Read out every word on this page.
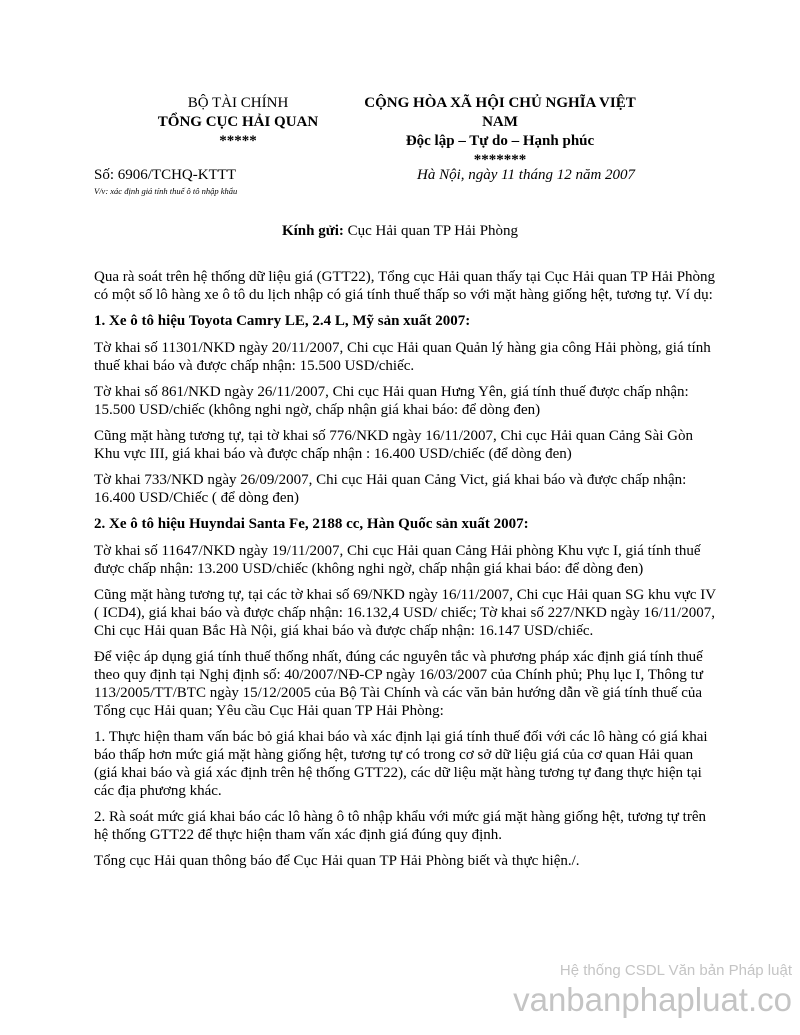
BỘ TÀI CHÍNH
TỔNG CỤC HẢI QUAN
*****
CỘNG HÒA XÃ HỘI CHỦ NGHĨA VIỆT
NAM
Độc lập – Tự do – Hạnh phúc
*******
Số: 6906/TCHQ-KTTT
V/v: xác định giá tính thuế ô tô nhập khẩu
Hà Nội, ngày 11 tháng 12 năm 2007
Kính gửi: Cục Hải quan TP Hải Phòng

Qua rà soát trên hệ thống dữ liệu giá (GTT22), Tổng cục Hải quan thấy tại Cục Hải quan TP Hải Phòng có một số lô hàng xe ô tô du lịch nhập có giá tính thuế thấp so với mặt hàng giống hệt, tương tự. Ví dụ:

1. Xe ô tô hiệu Toyota Camry LE, 2.4 L, Mỹ sản xuất 2007:

Tờ khai số 11301/NKD ngày 20/11/2007, Chi cục Hải quan Quản lý hàng gia công Hải phòng, giá tính thuế khai báo và được chấp nhận: 15.500 USD/chiếc.

Tờ khai số 861/NKD ngày 26/11/2007, Chi cục Hải quan Hưng Yên, giá tính thuế được chấp nhận: 15.500 USD/chiếc (không nghi ngờ, chấp nhận giá khai báo: để dòng đen)

Cũng mặt hàng tương tự, tại tờ khai số 776/NKD ngày 16/11/2007, Chi cục Hải quan Cảng Sài Gòn Khu vực III, giá khai báo và được chấp nhận : 16.400 USD/chiếc (để dòng đen)

Tờ khai 733/NKD ngày 26/09/2007, Chi cục Hải quan Cảng Vict, giá khai báo và được chấp nhận: 16.400 USD/Chiếc ( để dòng đen)

2. Xe ô tô hiệu Huyndai Santa Fe, 2188 cc, Hàn Quốc sản xuất 2007:

Tờ khai số 11647/NKD ngày 19/11/2007, Chi cục Hải quan Cảng Hải phòng Khu vực I, giá tính thuế được chấp nhận: 13.200 USD/chiếc (không nghi ngờ, chấp nhận giá khai báo: để dòng đen)

Cũng mặt hàng tương tự, tại các tờ khai số 69/NKD ngày 16/11/2007, Chi cục Hải quan SG khu vực IV ( ICD4), giá khai báo và được chấp nhận: 16.132,4 USD/ chiếc; Tờ khai số 227/NKD ngày 16/11/2007, Chi cục Hải quan Bắc Hà Nội, giá khai báo và được chấp nhận: 16.147 USD/chiếc.

Để việc áp dụng giá tính thuế thống nhất, đúng các nguyên tắc và phương pháp xác định giá tính thuế theo quy định tại Nghị định số: 40/2007/NĐ-CP ngày 16/03/2007 của Chính phủ; Phụ lục I, Thông tư 113/2005/TT/BTC ngày 15/12/2005 của Bộ Tài Chính và các văn bản hướng dẫn về giá tính thuế của Tổng cục Hải quan; Yêu cầu Cục Hải quan TP Hải Phòng:

1. Thực hiện tham vấn bác bỏ giá khai báo và xác định lại giá tính thuế đối với các lô hàng có giá khai báo thấp hơn mức giá mặt hàng giống hệt, tương tự có trong cơ sở dữ liệu giá của cơ quan Hải quan (giá khai báo và giá xác định trên hệ thống GTT22), các dữ liệu mặt hàng tương tự đang thực hiện tại các địa phương khác.

2. Rà soát mức giá khai báo các lô hàng ô tô nhập khẩu với mức giá mặt hàng giống hệt, tương tự trên hệ thống GTT22 để thực hiện tham vấn xác định giá đúng quy định.

Tổng cục Hải quan thông báo để Cục Hải quan TP Hải Phòng biết và thực hiện./.

Hệ thống CSDL Văn bản Pháp luật
vanbanphapluat.co
